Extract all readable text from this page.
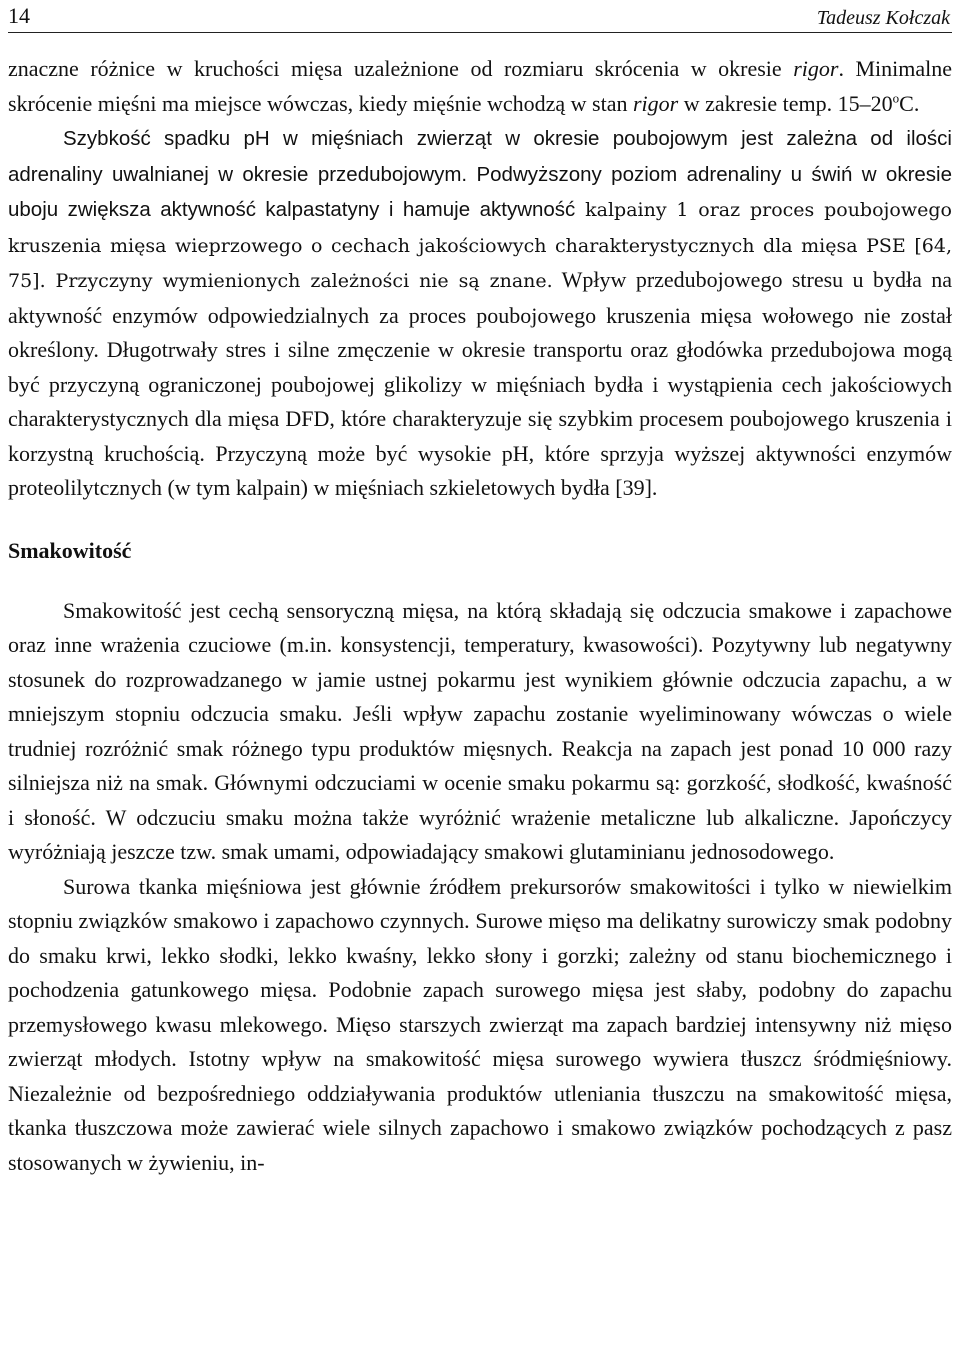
14	Tadeusz Kołczak

znaczne różnice w kruchości mięsa uzależnione od rozmiaru skrócenia w okresie rigor. Minimalne skrócenie mięśni ma miejsce wówczas, kiedy mięśnie wchodzą w stan rigor w zakresie temp. 15–20$^o$C.

Szybkość spadku pH w mięśniach zwierząt w okresie poubojowym jest zależna od ilości adrenaliny uwalnianej w okresie przedubojowym. Podwyższony poziom adrenaliny u świń w okresie uboju zwiększa aktywność kalpastatyny i hamuje aktywność kalpainy 1 oraz proces poubojowego kruszenia mięsa wieprzowego o cechach jakościowych charakterystycznych dla mięsa PSE [64, 75]. Przyczyny wymienionych zależności nie są znane. Wpływ przedubojowego stresu u bydła na aktywność enzymów odpowiedzialnych za proces poubojowego kruszenia mięsa wołowego nie został określony. Długotrwały stres i silne zmęczenie w okresie transportu oraz głodówka przedubojowa mogą być przyczyną ograniczonej poubojowej glikolizy w mięśniach bydła i wystąpienia cech jakościowych charakterystycznych dla mięsa DFD, które charakteryzuje się szybkim procesem poubojowego kruszenia i korzystną kruchością. Przyczyną może być wysokie pH, które sprzyja wyższej aktywności enzymów proteolilytcznych (w tym kalpain) w mięśniach szkieletowych bydła [39].

Smakowitość

Smakowitość jest cechą sensoryczną mięsa, na którą składają się odczucia smakowe i zapachowe oraz inne wrażenia czuciowe (m.in. konsystencji, temperatury, kwasowości). Pozytywny lub negatywny stosunek do rozprowadzanego w jamie ustnej pokarmu jest wynikiem głównie odczucia zapachu, a w mniejszym stopniu odczucia smaku. Jeśli wpływ zapachu zostanie wyeliminowany wówczas o wiele trudniej rozróżnić smak różnego typu produktów mięsnych. Reakcja na zapach jest ponad 10 000 razy silniejsza niż na smak. Głównymi odczuciami w ocenie smaku pokarmu są: gorzkość, słodkość, kwaśność i słoność. W odczuciu smaku można także wyróżnić wrażenie metaliczne lub alkaliczne. Japończycy wyróżniają jeszcze tzw. smak umami, odpowiadający smakowi glutaminianu jednosodowego.

Surowa tkanka mięśniowa jest głównie źródłem prekursorów smakowitości i tylko w niewielkim stopniu związków smakowo i zapachowo czynnych. Surowe mięso ma delikatny surowiczy smak podobny do smaku krwi, lekko słodki, lekko kwaśny, lekko słony i gorzki; zależny od stanu biochemicznego i pochodzenia gatunkowego mięsa. Podobnie zapach surowego mięsa jest słaby, podobny do zapachu przemysłowego kwasu mlekowego. Mięso starszych zwierząt ma zapach bardziej intensywny niż mięso zwierząt młodych. Istotny wpływ na smakowitość mięsa surowego wywiera tłuszcz śródmięśniowy. Niezależnie od bezpośredniego oddziaływania produktów utleniania tłuszczu na smakowitość mięsa, tkanka tłuszczowa może zawierać wiele silnych zapachowo i smakowo związków pochodzących z pasz stosowanych w żywieniu, in-
